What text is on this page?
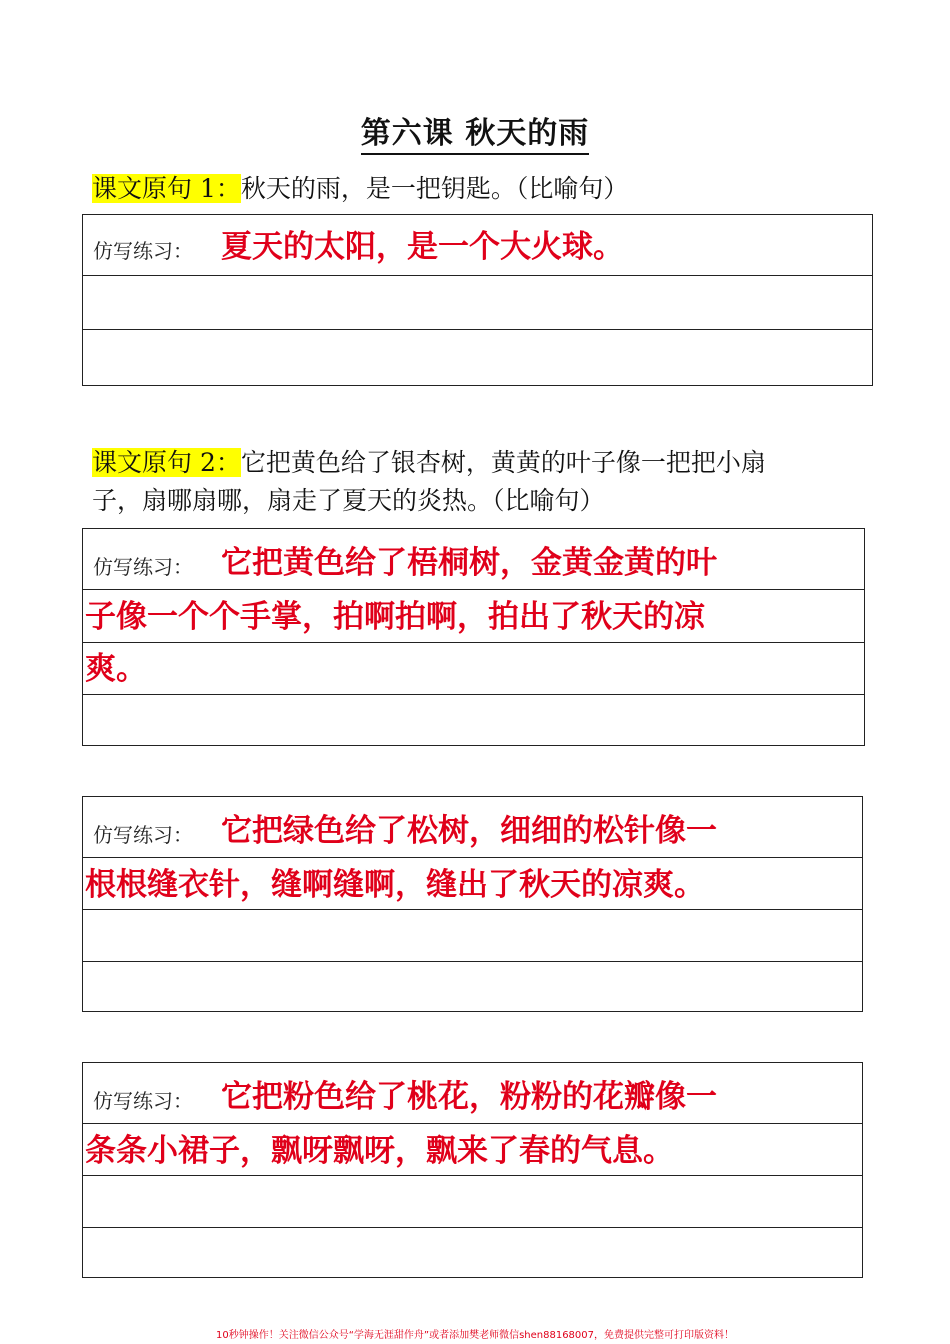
第六课 秋天的雨
课文原句 1：秋天的雨，是一把钥匙。（比喻句）
仿写练习： 夏天的太阳，是一个大火球。
课文原句 2：它把黄色给了银杏树，黄黄的叶子像一把把小扇
子，扇哪扇哪，扇走了夏天的炎热。（比喻句）
仿写练习： 它把黄色给了梧桐树，金黄金黄的叶
子像一个个手掌，拍啊拍啊，拍出了秋天的凉
爽。
仿写练习： 它把绿色给了松树，细细的松针像一
根根缝衣针，缝啊缝啊，缝出了秋天的凉爽。
仿写练习： 它把粉色给了桃花，粉粉的花瓣像一
条条小裙子，飘呀飘呀，飘来了春的气息。
10秒钟操作！关注微信公众号“学海无涯甜作舟”或者添加樊老师微信shen88168007，免费提供完整可打印版资料！
